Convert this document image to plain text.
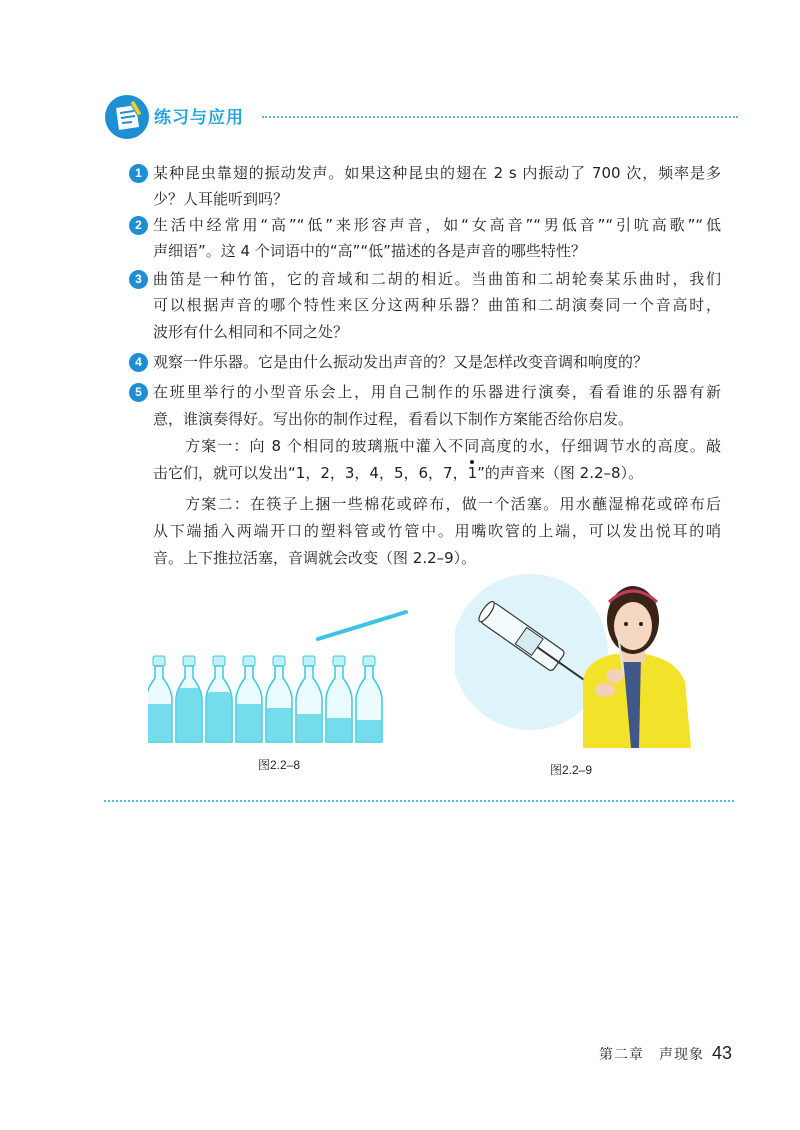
练习与应用
1 某种昆虫靠翅的振动发声。如果这种昆虫的翅在 2 s 内振动了 700 次，频率是多
少？人耳能听到吗？
2 生活中经常用“高”“低”来形容声音，如“女高音”“男低音”“引吭高歌”“低
声细语”。这 4 个词语中的“高”“低”描述的各是声音的哪些特性？
3 曲笛是一种竹笛，它的音域和二胡的相近。当曲笛和二胡轮奏某乐曲时，我们
可以根据声音的哪个特性来区分这两种乐器？曲笛和二胡演奏同一个音高时，
波形有什么相同和不同之处？
4 观察一件乐器。它是由什么振动发出声音的？又是怎样改变音调和响度的？
5 在班里举行的小型音乐会上，用自己制作的乐器进行演奏，看看谁的乐器有新
意，谁演奏得好。写出你的制作过程，看看以下制作方案能否给你启发。
方案一：向 8 个相同的玻璃瓶中灌入不同高度的水，仔细调节水的高度。敲
击它们，就可以发出“1，2，3，4，5，6，7，1”的声音来（图 2.2–8）。
方案二：在筷子上捆一些棉花或碎布，做一个活塞。用水蘸湿棉花或碎布后
从下端插入两端开口的塑料管或竹管中。用嘴吹管的上端，可以发出悦耳的哨
音。上下推拉活塞，音调就会改变（图 2.2–9）。
图2.2–8	图2.2–9
第二章　声现象 43
